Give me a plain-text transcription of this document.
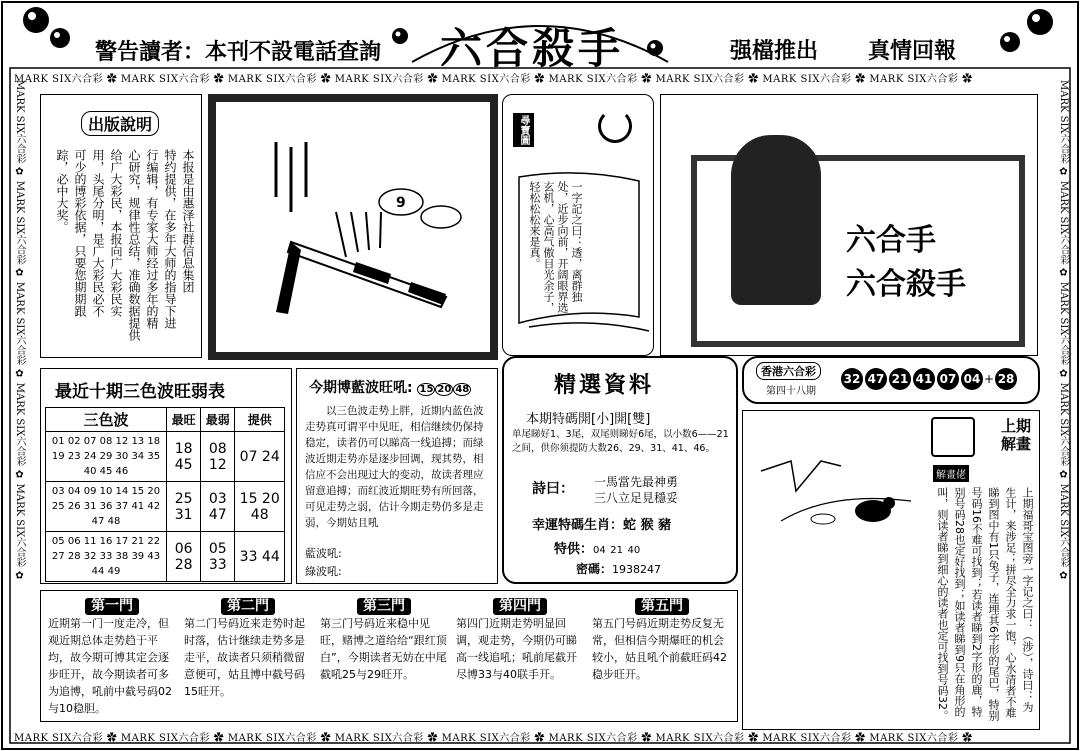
警告讀者：本刊不設電話查詢 六合殺手	强檔推出 真情回報
MARK SIX六合彩 ✿ MARK SIX六合彩 ✿ MARK SIX六合彩 ✿ MARK SIX六合彩 ✿ MARK SIX六合彩 ✿ MARK SIX六合彩 ✿ MARK SIX六合彩 ✿ MARK SIX六合彩 ✿ MARK SIX六合彩 ✿
MARK SIX六合彩 ✿ MARK SIX六合彩 ✿ MARK SIX六合彩 ✿ MARK SIX六合彩 ✿ MARK SIX六合彩 ✿ MARK SIX六合彩 ✿ MARK SIX六合彩 ✿ MARK SIX六合彩 ✿ MARK SIX六合彩 ✿
MARK SIX六合彩 ✿ MARK SIX六合彩 ✿ MARK SIX六合彩 ✿ MARK SIX六合彩 ✿ MARK SIX六合彩 ✿	MARK SIX六合彩 ✿ MARK SIX六合彩 ✿ MARK SIX六合彩 ✿ MARK SIX六合彩 ✿ MARK SIX六合彩 ✿
出版說明
本报是由惠泽社群信息集团
特约提供，在多年大师的指导下进
行编辑，有专家大师经过多年的精
心研究，规律性总结，准确数据提供
给广大彩民，本报向广大彩民实
用，头尾分明，是广大彩民必不
可少的博彩依据，只要您期期跟
踪，必中大奖。	9
尋寶圖
一字記之曰：透，离群独处，近步向前，开阔眼界选玄机，心高气傲目光余子，轻松松松来是真。	六合手
六合殺手
香港六合彩
第四十八期
32 47 21 41 07 04 + 28
最近十期三色波旺弱表
三色波	最旺	最弱	提供
01 02 07 08 12 13 18 19 23 24 29 30 34 35 40 45 46	18 45	08 12	07 24
03 04 09 10 14 15 20 25 26 31 36 37 41 42 47 48	25 31	03 47	15 20 48
05 06 11 16 17 21 22 27 28 32 33 38 39 43 44 49	06 28	05 33	33 44
今期博藍波旺吼: 15 20 48
以三色波走势上胖，近期内蓝色波走势真可谓平中见旺，相信继续仍保持稳定，读者仍可以睇高一线追搏；而绿波近期走势亦是逐步回调，现其势，相信应不会出现过大的变动，故读者理应留意追搏；而红波近期旺势有所回落，可见走势之弱，估计今期走势仍多是走弱，今期姑且吼
藍波吼:
綠波吼:
精選資料
本期特碼開[小]開[雙]
单尾睇好1、3尾，双尾则睇好6尾，以小数6——21之间，供你须提防大数26、29、31、41、46。
詩曰： 一馬當先最神勇
三八立足見穩妥
幸運特碼生肖：蛇 猴 豬
特供：04 21 40
密碼：1938247
解畫佬
上期解畫
上期福哥宝图旁一字记之曰：（涉），诗曰：为生计，来涉足；拼尽全力求一饱，心水清者不难睇到图中有1只兔子，连埋其6字形的尾巴，特别号码16不难可找到；若读者睇到2字形的鹿，特别号码28也定好找到；如读者睇到9只在角形的叫，则读者睇到细心的读者也定可找到号码32。
第一門
近期第一门一度走冷，但观近期总体走势趋于平均，故今期可博其定会逐步旺开，故今期读者可多为追博，吼前中截号码02与10稳胆。
第二門
第二门号码近来走势时起时落，估计继续走势多是走平，故读者只须稍微留意便可，姑且博中截号码15旺开。
第三門
第三门号码近来稳中见旺，赌博之道给给“跟红顶白”，今期读者无妨在中尾截吼25与29旺开。
第四門
第四门近期走势明显回调，观走势，今期仍可睇高一线追吼；吼前尾截开尽博33与40联手开。
第五門
第五门号码近期走势反复无常，但相信今期爆旺的机会较小，姑且吼个前截旺码42稳步旺开。
